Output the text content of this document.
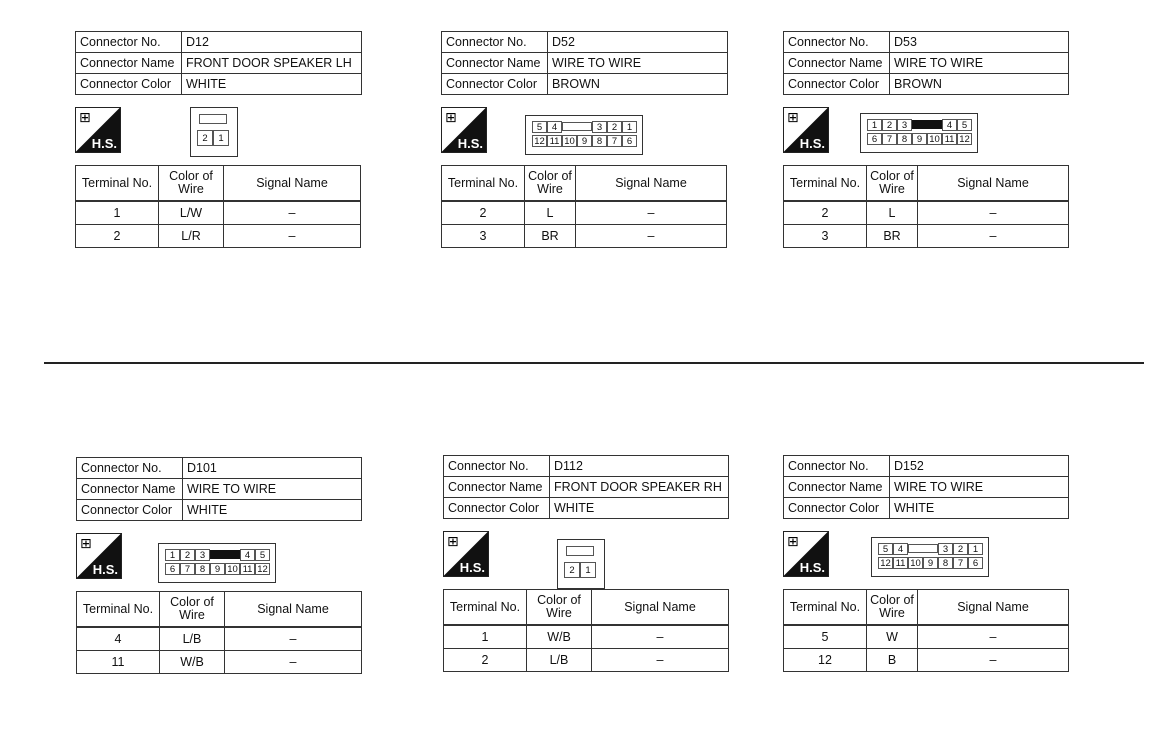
Connector No.	D12
Connector Name	FRONT DOOR SPEAKER LH
Connector Color	WHITE
⊞
H.S.	2	1
Terminal No.	Color of Wire	Signal Name
1	L/W	–
2	L/R	–
Connector No.	D52
Connector Name	WIRE TO WIRE
Connector Color	BROWN
⊞
H.S.
5	4	3	2	1
12 11 10 9	8	7	6
Terminal No.	Color of Wire	Signal Name
2	L	–
3	BR	–
Connector No.	D53
Connector Name	WIRE TO WIRE
Connector Color	BROWN
⊞
H.S.
1	2	3	4	5
6	7	8	9 10 11 12
Terminal No.	Color of Wire	Signal Name
2	L	–
3	BR	–
Connector No.	D101
Connector Name	WIRE TO WIRE
Connector Color	WHITE
⊞
H.S.
1	2	3	4	5
6	7	8	9 10 11 12
Terminal No.	Color of Wire	Signal Name
4	L/B	–
11	W/B	–
Connector No.	D112
Connector Name	FRONT DOOR SPEAKER RH
Connector Color	WHITE
⊞
H.S.	2	1
Terminal No.	Color of Wire	Signal Name
1	W/B	–
2	L/B	–
Connector No.	D152
Connector Name	WIRE TO WIRE
Connector Color	WHITE
⊞
H.S.
5	4	3	2	1
12 11 10 9	8	7	6
Terminal No.	Color of Wire	Signal Name
5	W	–
12	B	–
